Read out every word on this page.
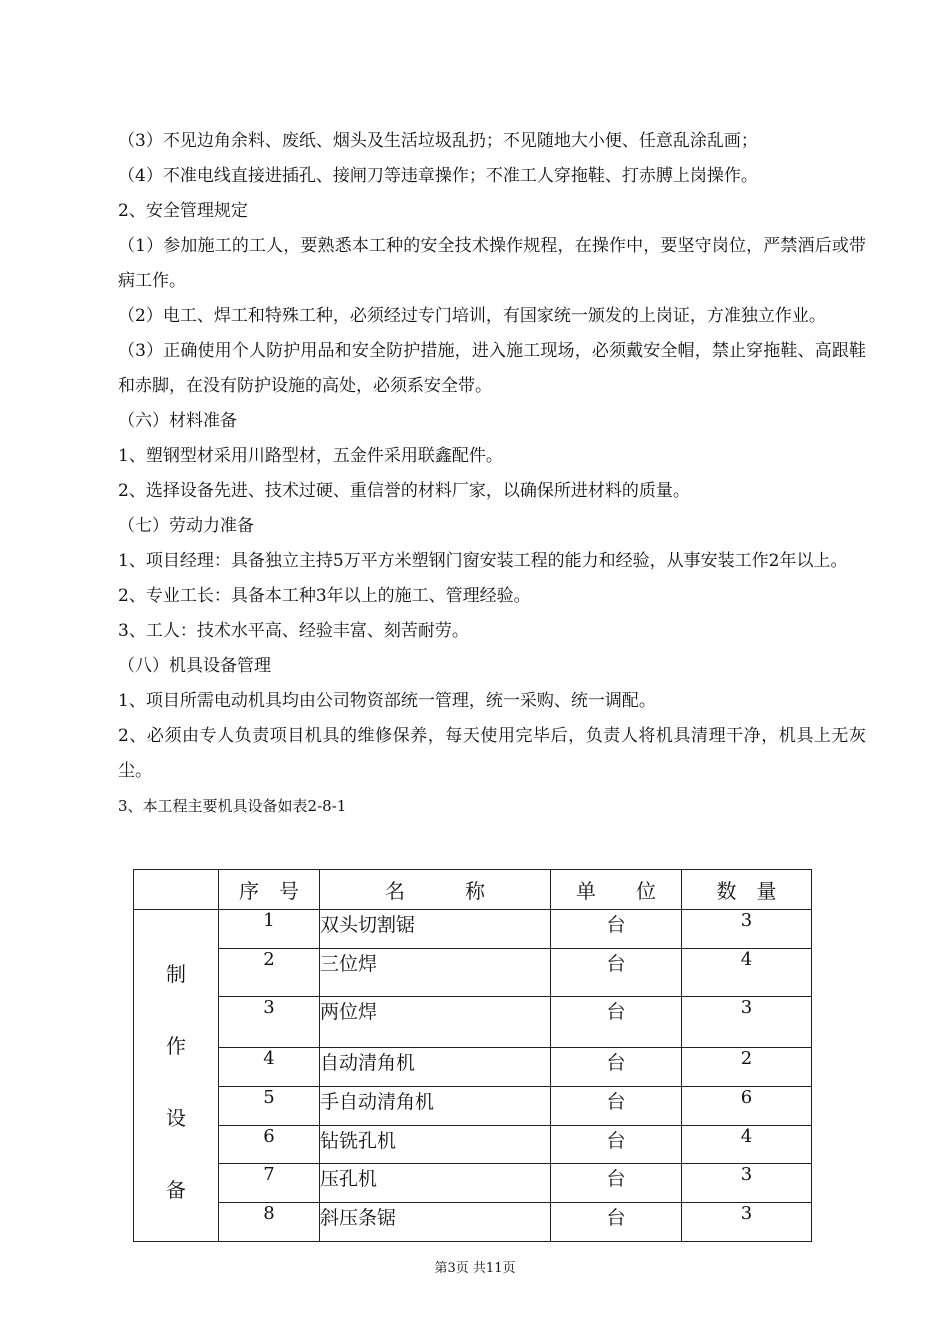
（3）不见边角余料、废纸、烟头及生活垃圾乱扔；不见随地大小便、任意乱涂乱画；

（4）不准电线直接进插孔、接闸刀等违章操作；不准工人穿拖鞋、打赤膊上岗操作。

2、安全管理规定

（1）参加施工的工人，要熟悉本工种的安全技术操作规程，在操作中，要坚守岗位，严禁酒后或带病工作。

（2）电工、焊工和特殊工种，必须经过专门培训，有国家统一颁发的上岗证，方准独立作业。

（3）正确使用个人防护用品和安全防护措施，进入施工现场，必须戴安全帽，禁止穿拖鞋、高跟鞋和赤脚，在没有防护设施的高处，必须系安全带。

（六）材料准备

1、塑钢型材采用川路型材，五金件采用联鑫配件。

2、选择设备先进、技术过硬、重信誉的材料厂家，以确保所进材料的质量。

（七）劳动力准备

1、项目经理：具备独立主持5万平方米塑钢门窗安装工程的能力和经验，从事安装工作2年以上。

2、专业工长：具备本工种3年以上的施工、管理经验。

3、工人：技术水平高、经验丰富、刻苦耐劳。

（八）机具设备管理

1、项目所需电动机具均由公司物资部统一管理，统一采购、统一调配。

2、必须由专人负责项目机具的维修保养，每天使用完毕后，负责人将机具清理干净，机具上无灰尘。

3、本工程主要机具设备如表2-8-1

	序　号	名　　　称	单　　位	数　量

制
作
设
备	1	双头切割锯	台	3
	2	三位焊	台	4
	3	两位焊	台	3
	4	自动清角机	台	2
	5	手自动清角机	台	6
	6	钻铣孔机	台	4
	7	压孔机	台	3
	8	斜压条锯	台	3
第3页 共11页
